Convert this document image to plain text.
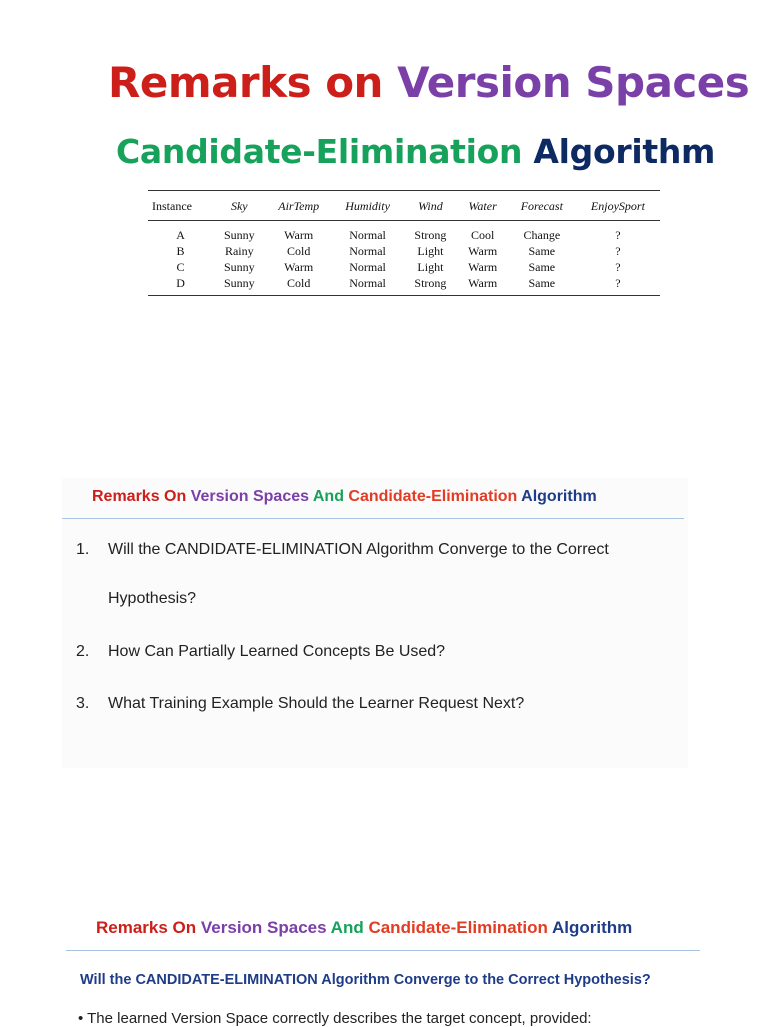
Remarks on Version Spaces
Candidate-Elimination Algorithm
Instance	Sky	AirTemp	Humidity	Wind	Water	Forecast	EnjoySport
A	Sunny	Warm	Normal	Strong	Cool	Change	?
B	Rainy	Cold	Normal	Light	Warm	Same	?
C	Sunny	Warm	Normal	Light	Warm	Same	?
D	Sunny	Cold	Normal	Strong	Warm	Same	?
Remarks On Version Spaces And Candidate-Elimination Algorithm
1. Will the CANDIDATE-ELIMINATION Algorithm Converge to the Correct
Hypothesis?
2. How Can Partially Learned Concepts Be Used?
3. What Training Example Should the Learner Request Next?
Remarks On Version Spaces And Candidate-Elimination Algorithm
Will the CANDIDATE-ELIMINATION Algorithm Converge to the Correct Hypothesis?
• The learned Version Space correctly describes the target concept, provided:
